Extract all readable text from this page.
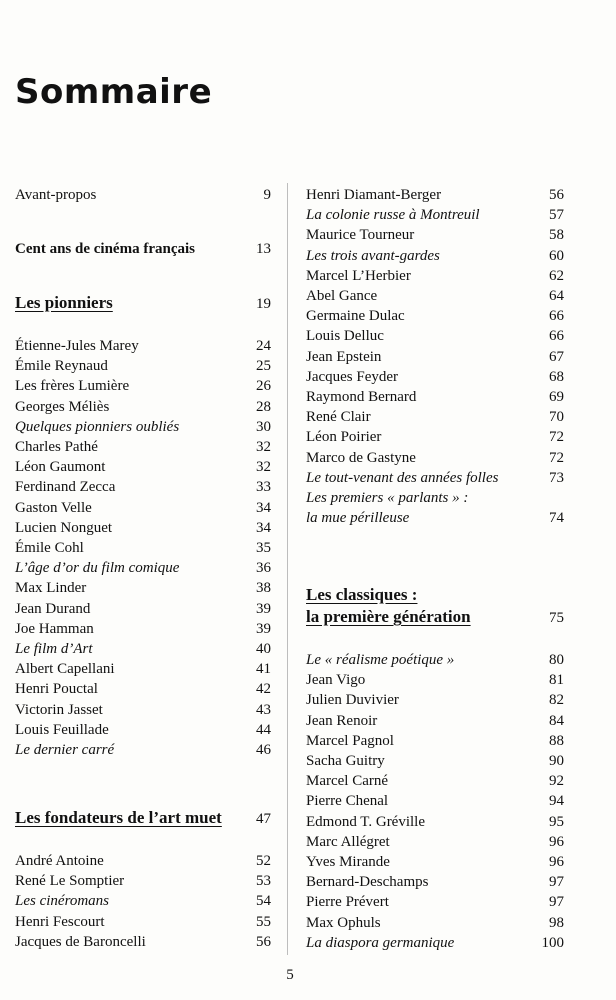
Sommaire
Avant-propos	9
Cent ans de cinéma français	13
Les pionniers	19
Étienne-Jules Marey	24
Émile Reynaud	25
Les frères Lumière	26
Georges Méliès	28
Quelques pionniers oubliés	30
Charles Pathé	32
Léon Gaumont	32
Ferdinand Zecca	33
Gaston Velle	34
Lucien Nonguet	34
Émile Cohl	35
L’âge d’or du film comique	36
Max Linder	38
Jean Durand	39
Joe Hamman	39
Le film d’Art	40
Albert Capellani	41
Henri Pouctal	42
Victorin Jasset	43
Louis Feuillade	44
Le dernier carré	46
Les fondateurs de l’art muet 47
André Antoine	52
René Le Somptier	53
Les cinéromans	54
Henri Fescourt	55
Jacques de Baroncelli	56
Henri Diamant-Berger	56
La colonie russe à Montreuil	57
Maurice Tourneur	58
Les trois avant-gardes	60
Marcel L’Herbier	62
Abel Gance	64
Germaine Dulac	66
Louis Delluc	66
Jean Epstein	67
Jacques Feyder	68
Raymond Bernard	69
René Clair	70
Léon Poirier	72
Marco de Gastyne	72
Le tout-venant des années folles	73
Les premiers « parlants » :
la mue périlleuse	74
Les classiques :
la première génération	75
Le « réalisme poétique »	80
Jean Vigo	81
Julien Duvivier	82
Jean Renoir	84
Marcel Pagnol	88
Sacha Guitry	90
Marcel Carné	92
Pierre Chenal	94
Edmond T. Gréville	95
Marc Allégret	96
Yves Mirande	96
Bernard-Deschamps	97
Pierre Prévert	97
Max Ophuls	98
La diaspora germanique	100
5
